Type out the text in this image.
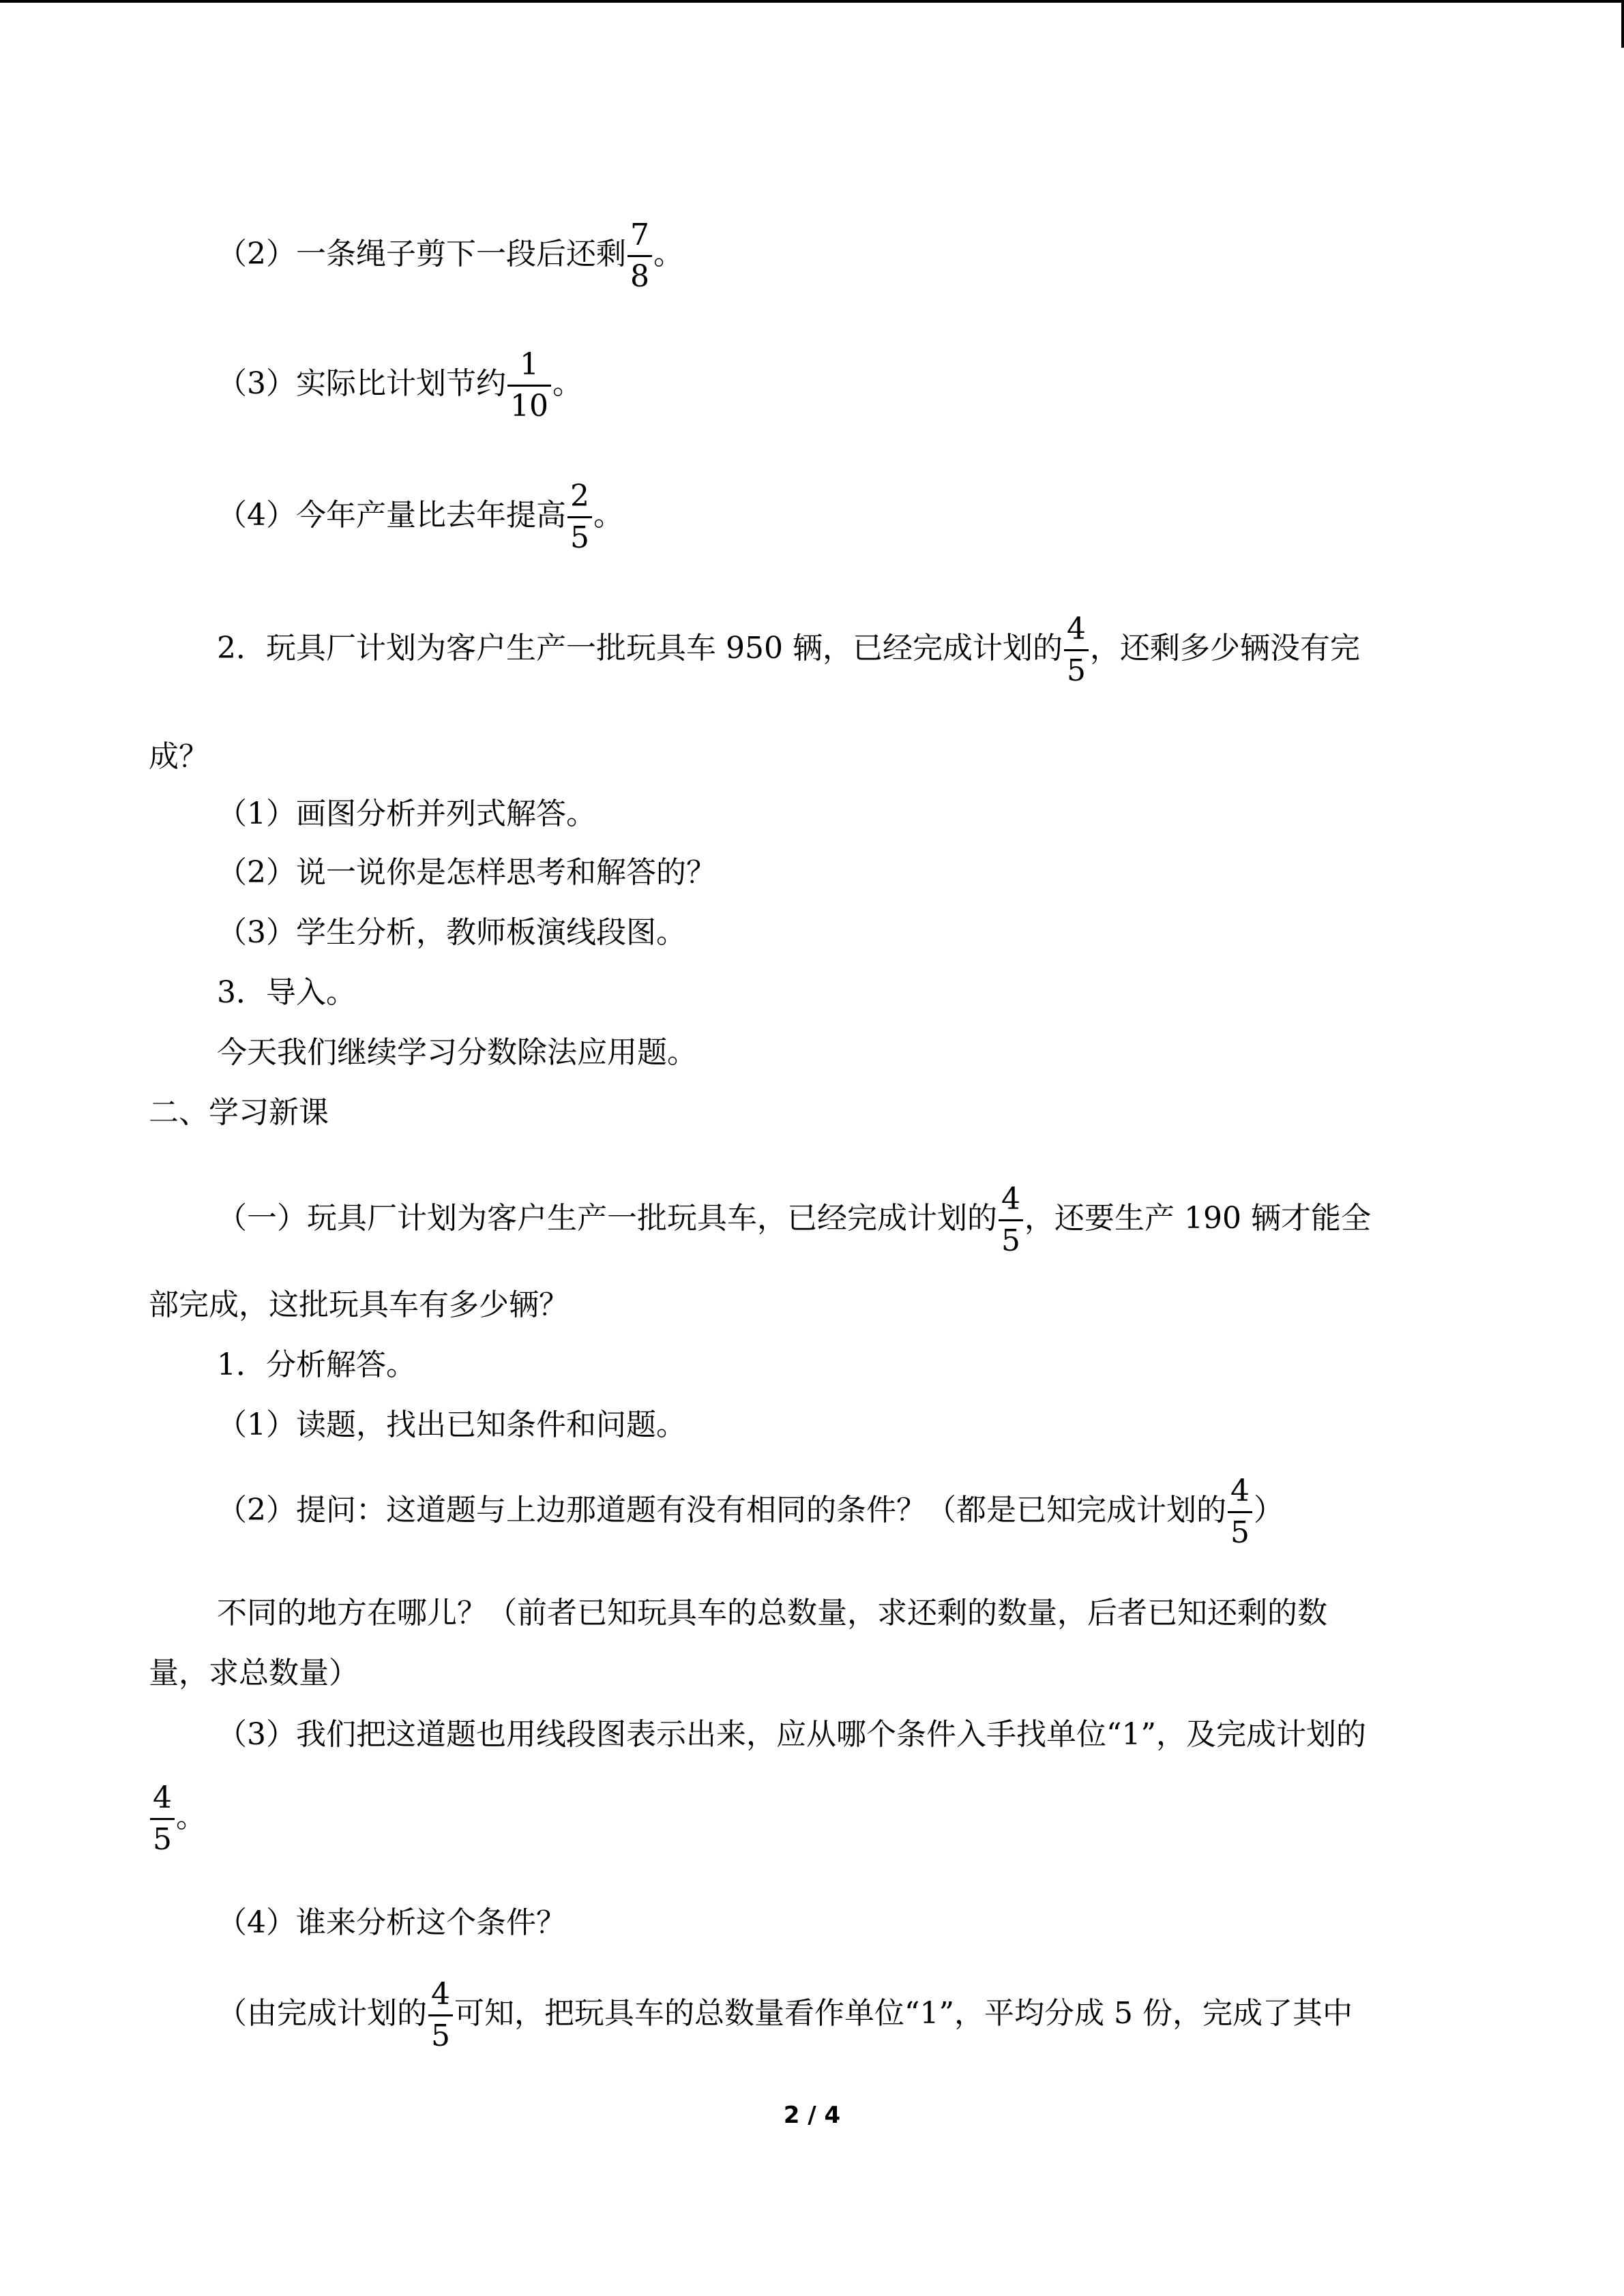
（2）一条绳子剪下一段后还剩 $\frac{7}{8}$ 。
（3）实际比计划节约 $\frac{1}{10}$ 。
（4）今年产量比去年提高 $\frac{2}{5}$ 。
2．玩具厂计划为客户生产一批玩具车 950 辆，已经完成计划的 $\frac{4}{5}$ ，还剩多少辆没有完
成？
（1）画图分析并列式解答。
（2）说一说你是怎样思考和解答的？
（3）学生分析，教师板演线段图。
3．导入。
今天我们继续学习分数除法应用题。
二、学习新课
（一）玩具厂计划为客户生产一批玩具车，已经完成计划的 $\frac{4}{5}$ ，还要生产 190 辆才能全
部完成，这批玩具车有多少辆？
1．分析解答。
（1）读题，找出已知条件和问题。
（2）提问：这道题与上边那道题有没有相同的条件？（都是已知完成计划的 $\frac{4}{5}$ ）
不同的地方在哪儿？（前者已知玩具车的总数量，求还剩的数量，后者已知还剩的数
量，求总数量）
（3）我们把这道题也用线段图表示出来，应从哪个条件入手找单位“1”，及完成计划的
$\frac{4}{5}$ 。
（4）谁来分析这个条件？
（由完成计划的 $\frac{4}{5}$ 可知，把玩具车的总数量看作单位“1”，平均分成 5 份，完成了其中
2 / 4
